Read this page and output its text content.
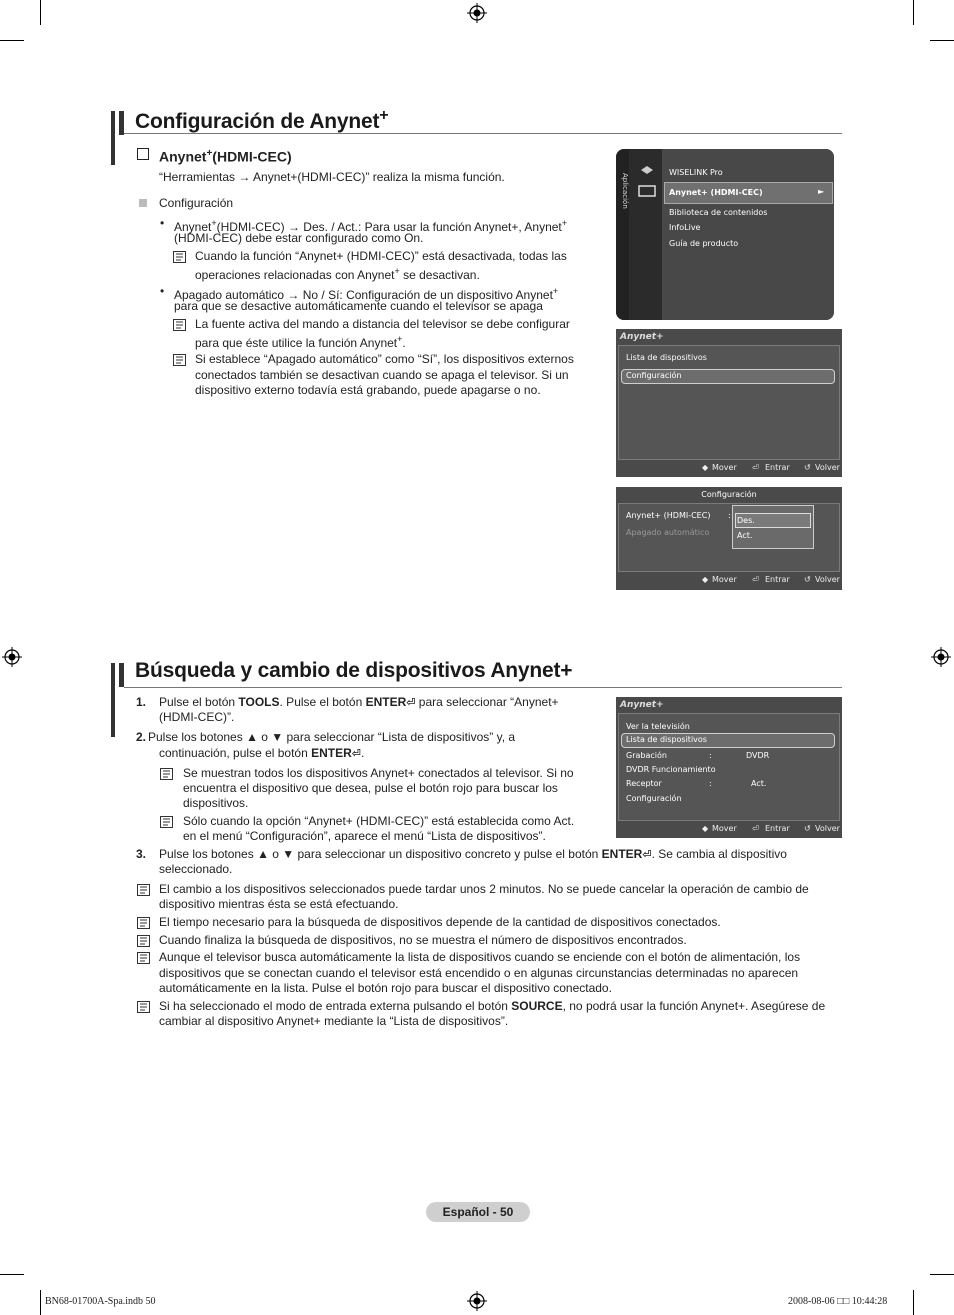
Configuración de Anynet+
Anynet+(HDMI-CEC)
“Herramientas → Anynet+(HDMI-CEC)” realiza la misma función.
Configuración
• Anynet+(HDMI-CEC) → Des. / Act.: Para usar la función Anynet+, Anynet+
(HDMI-CEC) debe estar configurado como On.
Cuando la función “Anynet+ (HDMI-CEC)” está desactivada, todas las
operaciones relacionadas con Anynet+ se desactivan.
• Apagado automático → No / Sí: Configuración de un dispositivo Anynet+
para que se desactive automáticamente cuando el televisor se apaga
La fuente activa del mando a distancia del televisor se debe configurar
para que éste utilice la función Anynet+.
Si establece “Apagado automático” como “Sí”, los dispositivos externos
conectados también se desactivan cuando se apaga el televisor. Si un
dispositivo externo todavía está grabando, puede apagarse o no.
Aplicación
WISELINK Pro
Anynet+ (HDMI-CEC)	►
Biblioteca de contenidos
InfoLive
Guía de producto
Anynet+
Lista de dispositivos
Configuración
◆ Mover ⏎ Entrar ↺ Volver
Configuración
Anynet+ (HDMI-CEC) :
Apagado automático
Des.
Act.
◆ Mover ⏎ Entrar ↺ Volver
Búsqueda y cambio de dispositivos Anynet+
1. Pulse el botón TOOLS. Pulse el botón ENTER⏎ para seleccionar “Anynet+
(HDMI-CEC)”.
2. Pulse los botones ▲ o ▼ para seleccionar “Lista de dispositivos” y, a
continuación, pulse el botón ENTER⏎.
Se muestran todos los dispositivos Anynet+ conectados al televisor. Si no
encuentra el dispositivo que desea, pulse el botón rojo para buscar los
dispositivos.
Sólo cuando la opción “Anynet+ (HDMI-CEC)” está establecida como Act.
en el menú “Configuración”, aparece el menú “Lista de dispositivos”.
3. Pulse los botones ▲ o ▼ para seleccionar un dispositivo concreto y pulse el botón ENTER⏎. Se cambia al dispositivo
seleccionado.
El cambio a los dispositivos seleccionados puede tardar unos 2 minutos. No se puede cancelar la operación de cambio de
dispositivo mientras ésta se está efectuando.
El tiempo necesario para la búsqueda de dispositivos depende de la cantidad de dispositivos conectados.
Cuando finaliza la búsqueda de dispositivos, no se muestra el número de dispositivos encontrados.
Aunque el televisor busca automáticamente la lista de dispositivos cuando se enciende con el botón de alimentación, los
dispositivos que se conectan cuando el televisor está encendido o en algunas circunstancias determinadas no aparecen
automáticamente en la lista. Pulse el botón rojo para buscar el dispositivo conectado.
Si ha seleccionado el modo de entrada externa pulsando el botón SOURCE, no podrá usar la función Anynet+. Asegúrese de
cambiar al dispositivo Anynet+ mediante la “Lista de dispositivos”.
Anynet+
Ver la televisión
Lista de dispositivos
Grabación	:	DVDR
DVDR Funcionamiento
Receptor	:	Act.
Configuración
◆ Mover ⏎ Entrar ↺ Volver
Español - 50
BN68-01700A-Spa.indb 50	2008-08-06 □□ 10:44:28
